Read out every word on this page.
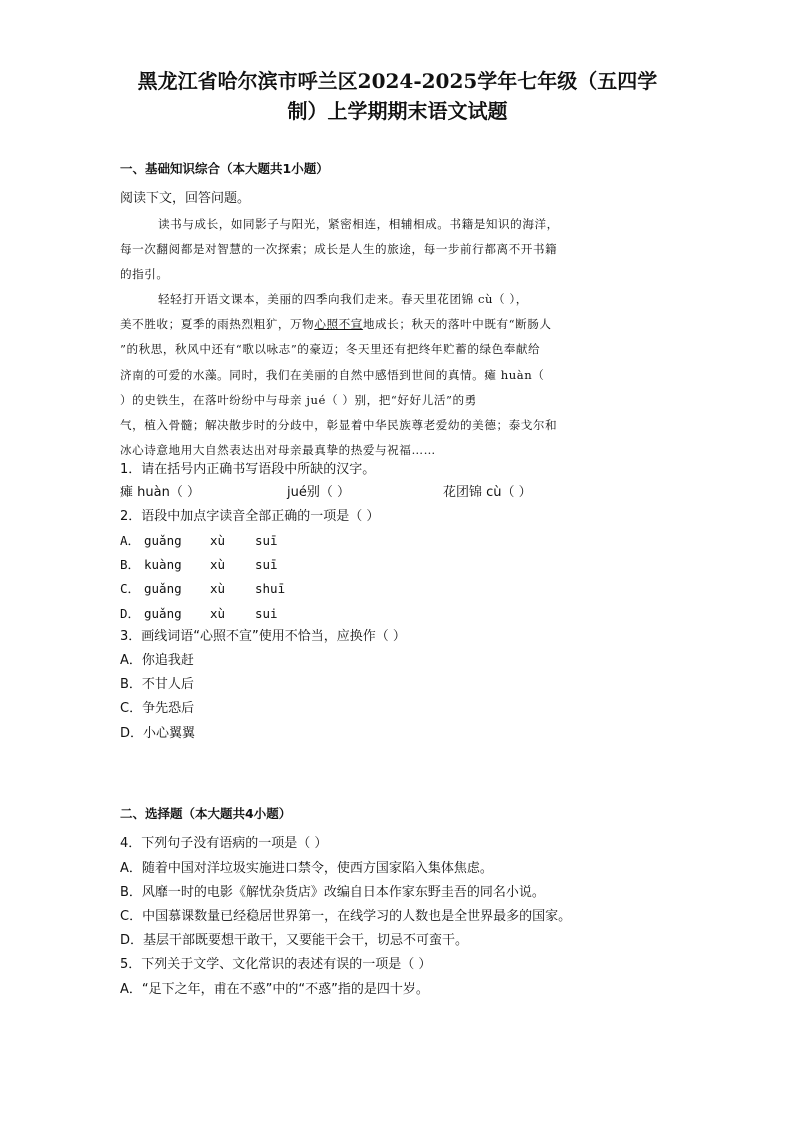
黑龙江省哈尔滨市呼兰区2024-2025学年七年级（五四学
制）上学期期末语文试题
一、基础知识综合（本大题共1小题）
阅读下文，回答问题。
读书与成长，如同影子与阳光，紧密相连，相辅相成。书籍是知识的海洋，
每一次翻阅都是对智慧的一次探索；成长是人生的旅途，每一步前行都离不开书籍
的指引。
轻轻打开语文课本，美丽的四季向我们走来。春天里花团锦 cù（ ），
美不胜收；夏季的雨热烈粗犷，万物心照不宣地成长；秋天的落叶中既有“断肠人
”的秋思，秋风中还有“歌以咏志”的豪迈；冬天里还有把终年贮蓄的绿色奉献给
济南的可爱的水藻。同时，我们在美丽的自然中感悟到世间的真情。瘫 huàn（
）的史铁生，在落叶纷纷中与母亲 jué（ ）别，把“好好儿活”的勇
气，植入骨髓；解决散步时的分歧中，彰显着中华民族尊老爱幼的美德；泰戈尔和
冰心诗意地用大自然表达出对母亲最真挚的热爱与祝福……
1．请在括号内正确书写语段中所缺的汉字。
瘫 huàn（ ）	jué别（ ）	花团锦 cù（ ）
2．语段中加点字读音全部正确的一项是（ ）
A． guǎng xù suī
B． kuàng xù suī
C． guǎng xù shuī
D． guǎng xù sui
3．画线词语“心照不宣”使用不恰当，应换作（ ）
A．你追我赶
B．不甘人后
C．争先恐后
D．小心翼翼
二、选择题（本大题共4小题）
4．下列句子没有语病的一项是（ ）
A．随着中国对洋垃圾实施进口禁令，使西方国家陷入集体焦虑。
B．风靡一时的电影《解忧杂货店》改编自日本作家东野圭吾的同名小说。
C．中国慕课数量已经稳居世界第一，在线学习的人数也是全世界最多的国家。
D．基层干部既要想干敢干，又要能干会干，切忌不可蛮干。
5．下列关于文学、文化常识的表述有误的一项是（ ）
A．“足下之年，甫在不惑”中的“不惑”指的是四十岁。
